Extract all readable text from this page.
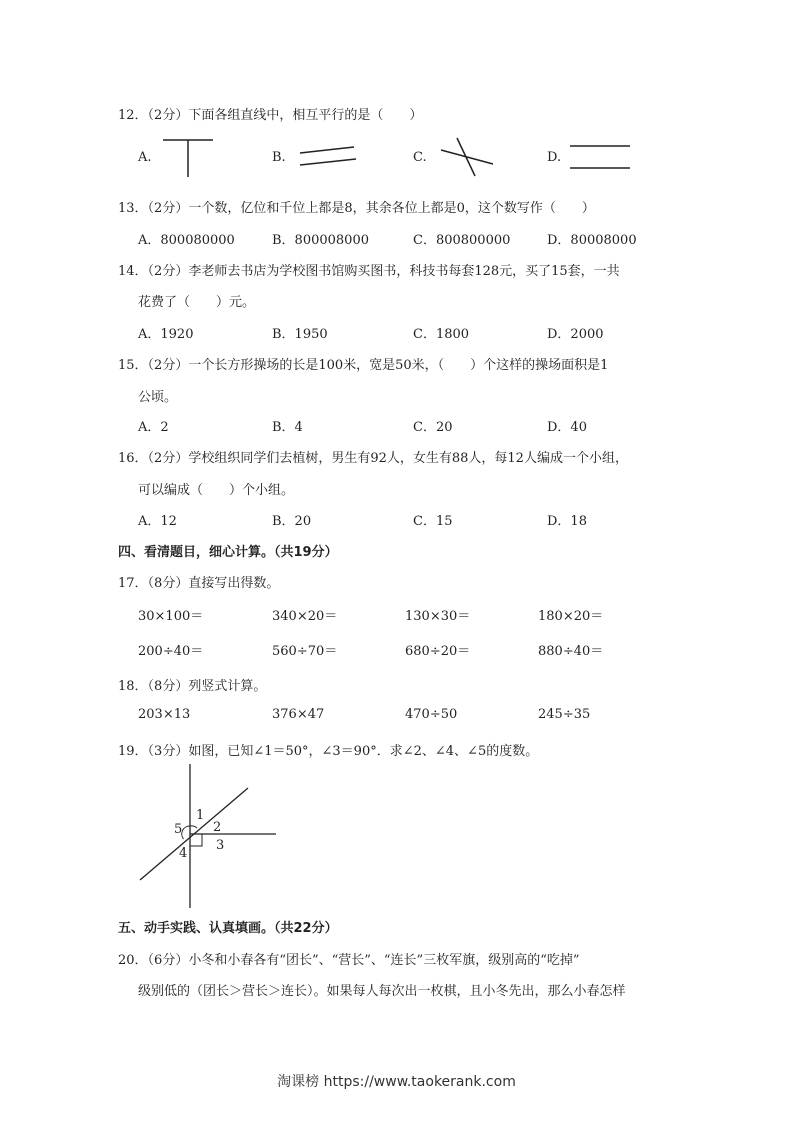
12．（2分）下面各组直线中，相互平行的是（　　）
A.	B.	C.	D.
13．（2分）一个数，亿位和千位上都是8，其余各位上都是0，这个数写作（　　）
A．800080000	B．800008000	C．800800000	D．80008000
14．（2分）李老师去书店为学校图书馆购买图书，科技书每套128元，买了15套，一共
花费了（　　）元。
A．1920	B．1950	C．1800	D．2000
15．（2分）一个长方形操场的长是100米，宽是50米，（　　）个这样的操场面积是1
公顷。
A．2	B．4	C．20	D．40
16．（2分）学校组织同学们去植树，男生有92人，女生有88人，每12人编成一个小组，
可以编成（　　）个小组。
A．12	B．20	C．15	D．18
四、看清题目，细心计算。（共19分）
17．（8分）直接写出得数。
30×100＝	340×20＝	130×30＝	180×20＝
200÷40＝	560÷70＝	680÷20＝	880÷40＝
18．（8分）列竖式计算。
203×13	376×47	470÷50	245÷35
19．（3分）如图，已知∠1＝50°，∠3＝90°．求∠2、∠4、∠5的度数。
1
2
3
4
5
五、动手实践、认真填画。（共22分）
20．（6分）小冬和小春各有“团长”、“营长”、“连长”三枚军旗，级别高的“吃掉”
级别低的（团长＞营长＞连长）。如果每人每次出一枚棋，且小冬先出，那么小春怎样
淘课榜 https://www.taokerank.com
